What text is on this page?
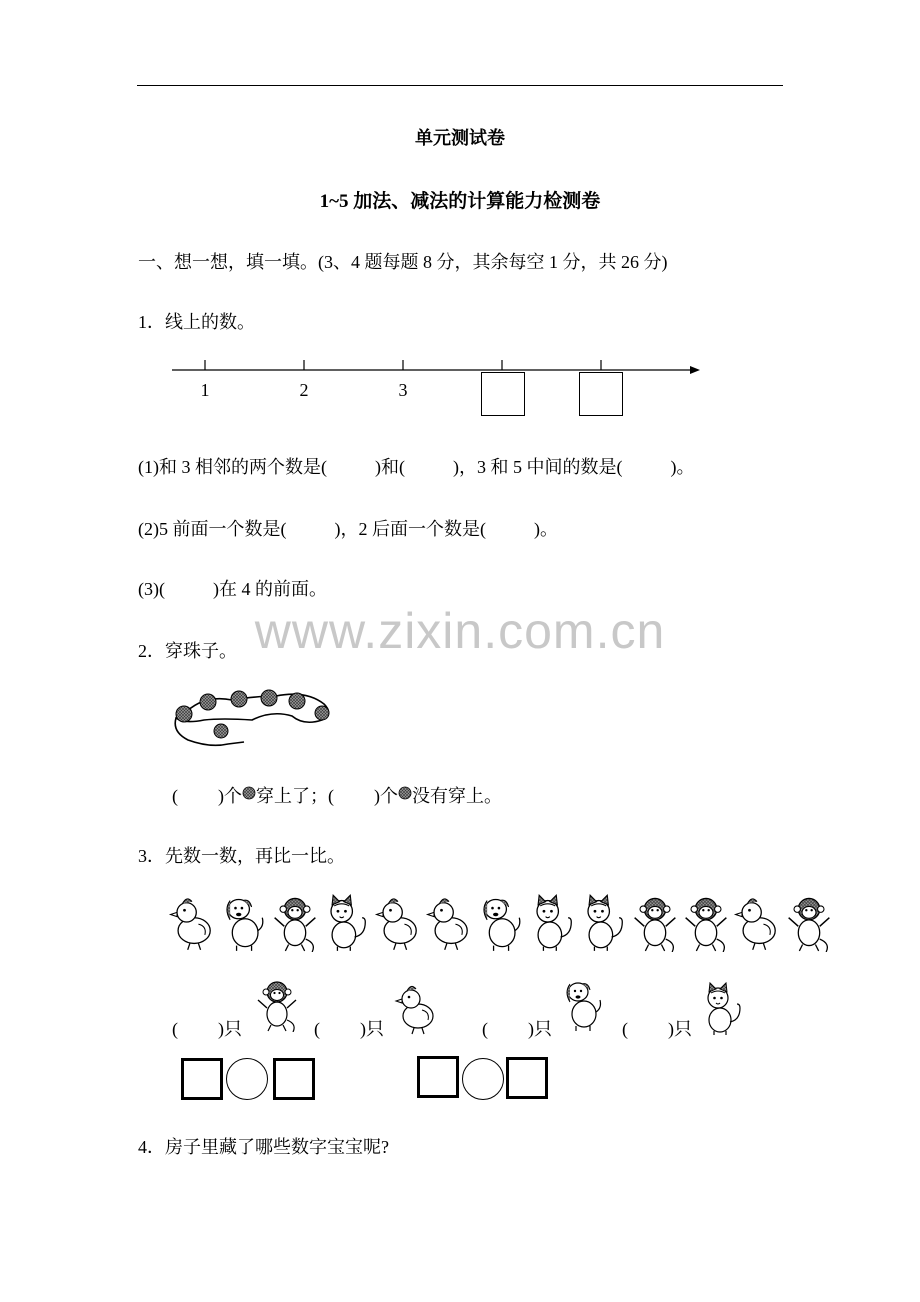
单元测试卷
1~5 加法、减法的计算能力检测卷
一、想一想，填一填。(3、4 题每题 8 分，其余每空 1 分，共 26 分)
1．线上的数。
1	2	3
(1)和 3 相邻的两个数是(	)和(	)，3 和 5 中间的数是(	)。
(2)5 前面一个数是(	)，2 后面一个数是(	)。
(3)(	)在 4 的前面。
2．穿珠子。
( )个 穿上了；( )个 没有穿上。
3．先数一数，再比一比。
( )只	( )只	( )只	( )只
4．房子里藏了哪些数字宝宝呢?
www.zixin.com.cn
